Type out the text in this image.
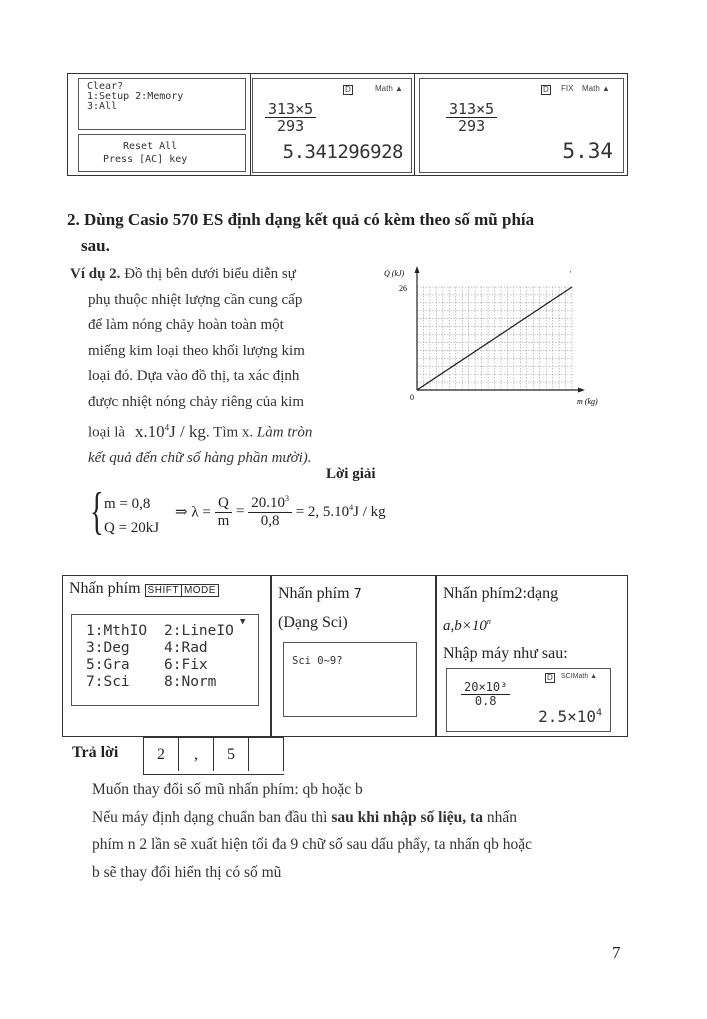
Clear?
1:Setup 2:Memory
3:All
Reset All
Press [AC] key
D	Math ▲
$\frac{313\times 5}{293}$
5.341296928
D FIX Math ▲
$\frac{313\times 5}{293}$
5.34
2. Dùng Casio 570 ES định dạng kết quả có kèm theo số mũ phía
sau.
Ví dụ 2. Đồ thị bên dưới biểu diễn sự
phụ thuộc nhiệt lượng cần cung cấp
để làm nóng chảy hoàn toàn một
miếng kim loại theo khối lượng kim
loại đó. Dựa vào đồ thị, ta xác định
được nhiệt nóng chảy riêng của kim
loại là $x.10^4J$ / kg. Tìm x. Làm tròn
kết quả đến chữ số hàng phần mười).
Q (kJ)
26
0	m (kg)
'
Lời giải
{ m = 0,8
Q = 20kJ
⇒ $\lambda = \frac{Q}{m} = \frac{20.10^3}{0,8} = 2$, 5.10$^4$J / kg
Nhấn phím SHIFT MODE
▼
1:MthIO 2:LineIO
3:Deg 4:Rad
5:Gra 6:Fix
7:Sci 8:Norm
Nhấn phím 7
(Dạng Sci)
Sci 0~9?
Nhấn phím2:dạng
$a,b\times 10^n$
Nhập máy như sau:
D SCIMath ▲
$\frac{\text{20×10³}}{0.8}$
$2.5\times 10^4$
Trả lời	2	,	5
Muốn thay đổi số mũ nhấn phím: qb hoặc b
Nếu máy định dạng chuẩn ban đầu thì sau khi nhập số liệu, ta nhấn
phím n 2 lần sẽ xuất hiện tối đa 9 chữ số sau dấu phẩy, ta nhấn qb hoặc
b sẽ thay đổi hiển thị có số mũ
7
